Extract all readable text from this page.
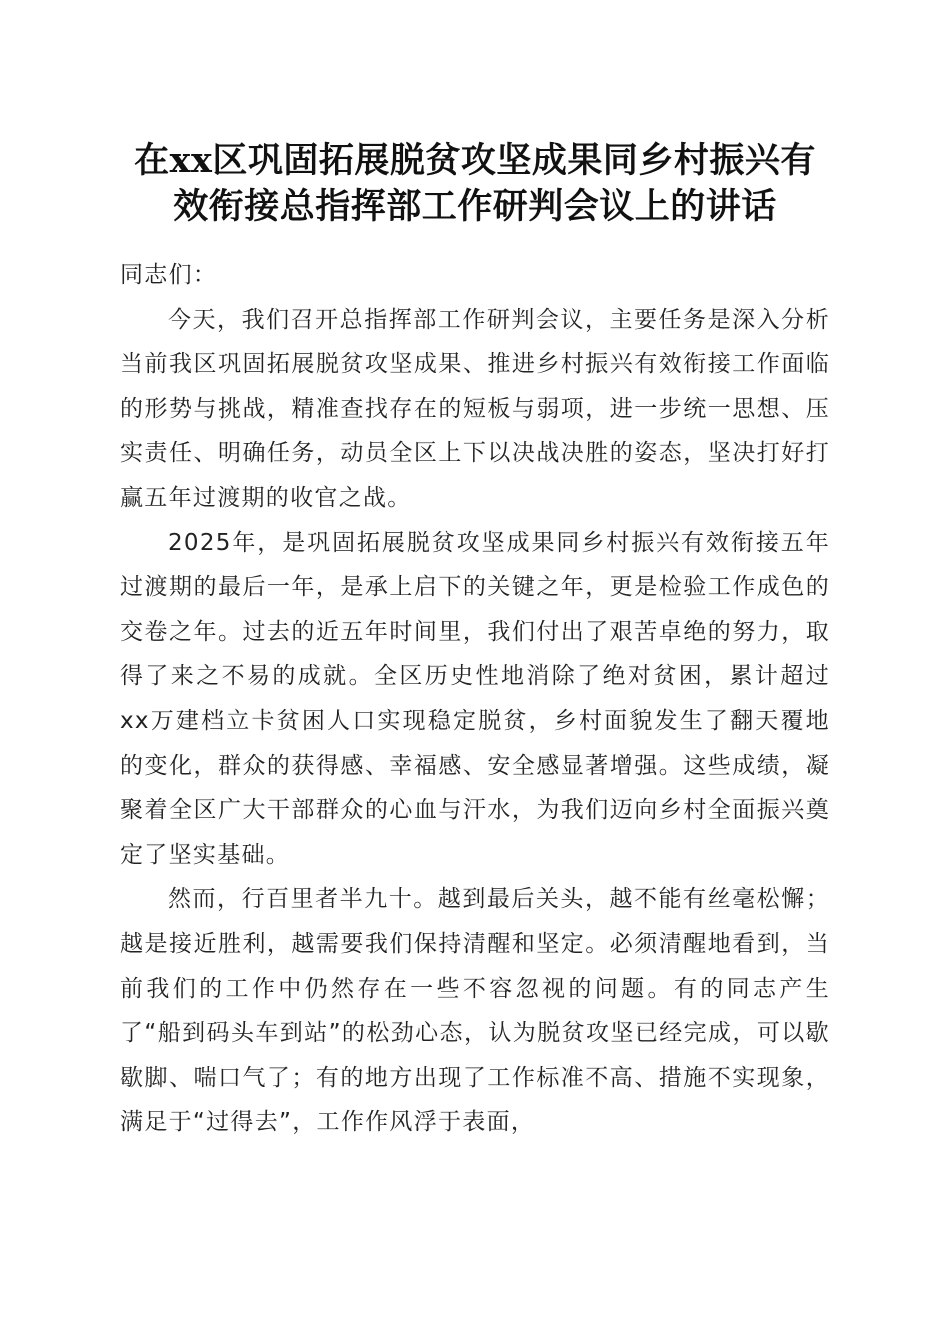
在xx区巩固拓展脱贫攻坚成果同乡村振兴有
效衔接总指挥部工作研判会议上的讲话

同志们：

今天，我们召开总指挥部工作研判会议，主要任务是深入分析当前我区巩固拓展脱贫攻坚成果、推进乡村振兴有效衔接工作面临的形势与挑战，精准查找存在的短板与弱项，进一步统一思想、压实责任、明确任务，动员全区上下以决战决胜的姿态，坚决打好打赢五年过渡期的收官之战。

2025年，是巩固拓展脱贫攻坚成果同乡村振兴有效衔接五年过渡期的最后一年，是承上启下的关键之年，更是检验工作成色的交卷之年。过去的近五年时间里，我们付出了艰苦卓绝的努力，取得了来之不易的成就。全区历史性地消除了绝对贫困，累计超过xx万建档立卡贫困人口实现稳定脱贫，乡村面貌发生了翻天覆地的变化，群众的获得感、幸福感、安全感显著增强。这些成绩，凝聚着全区广大干部群众的心血与汗水，为我们迈向乡村全面振兴奠定了坚实基础。

然而，行百里者半九十。越到最后关头，越不能有丝毫松懈；越是接近胜利，越需要我们保持清醒和坚定。必须清醒地看到，当前我们的工作中仍然存在一些不容忽视的问题。有的同志产生了“船到码头车到站”的松劲心态，认为脱贫攻坚已经完成，可以歇歇脚、喘口气了；有的地方出现了工作标准不高、措施不实现象，满足于“过得去”，工作作风浮于表面，
